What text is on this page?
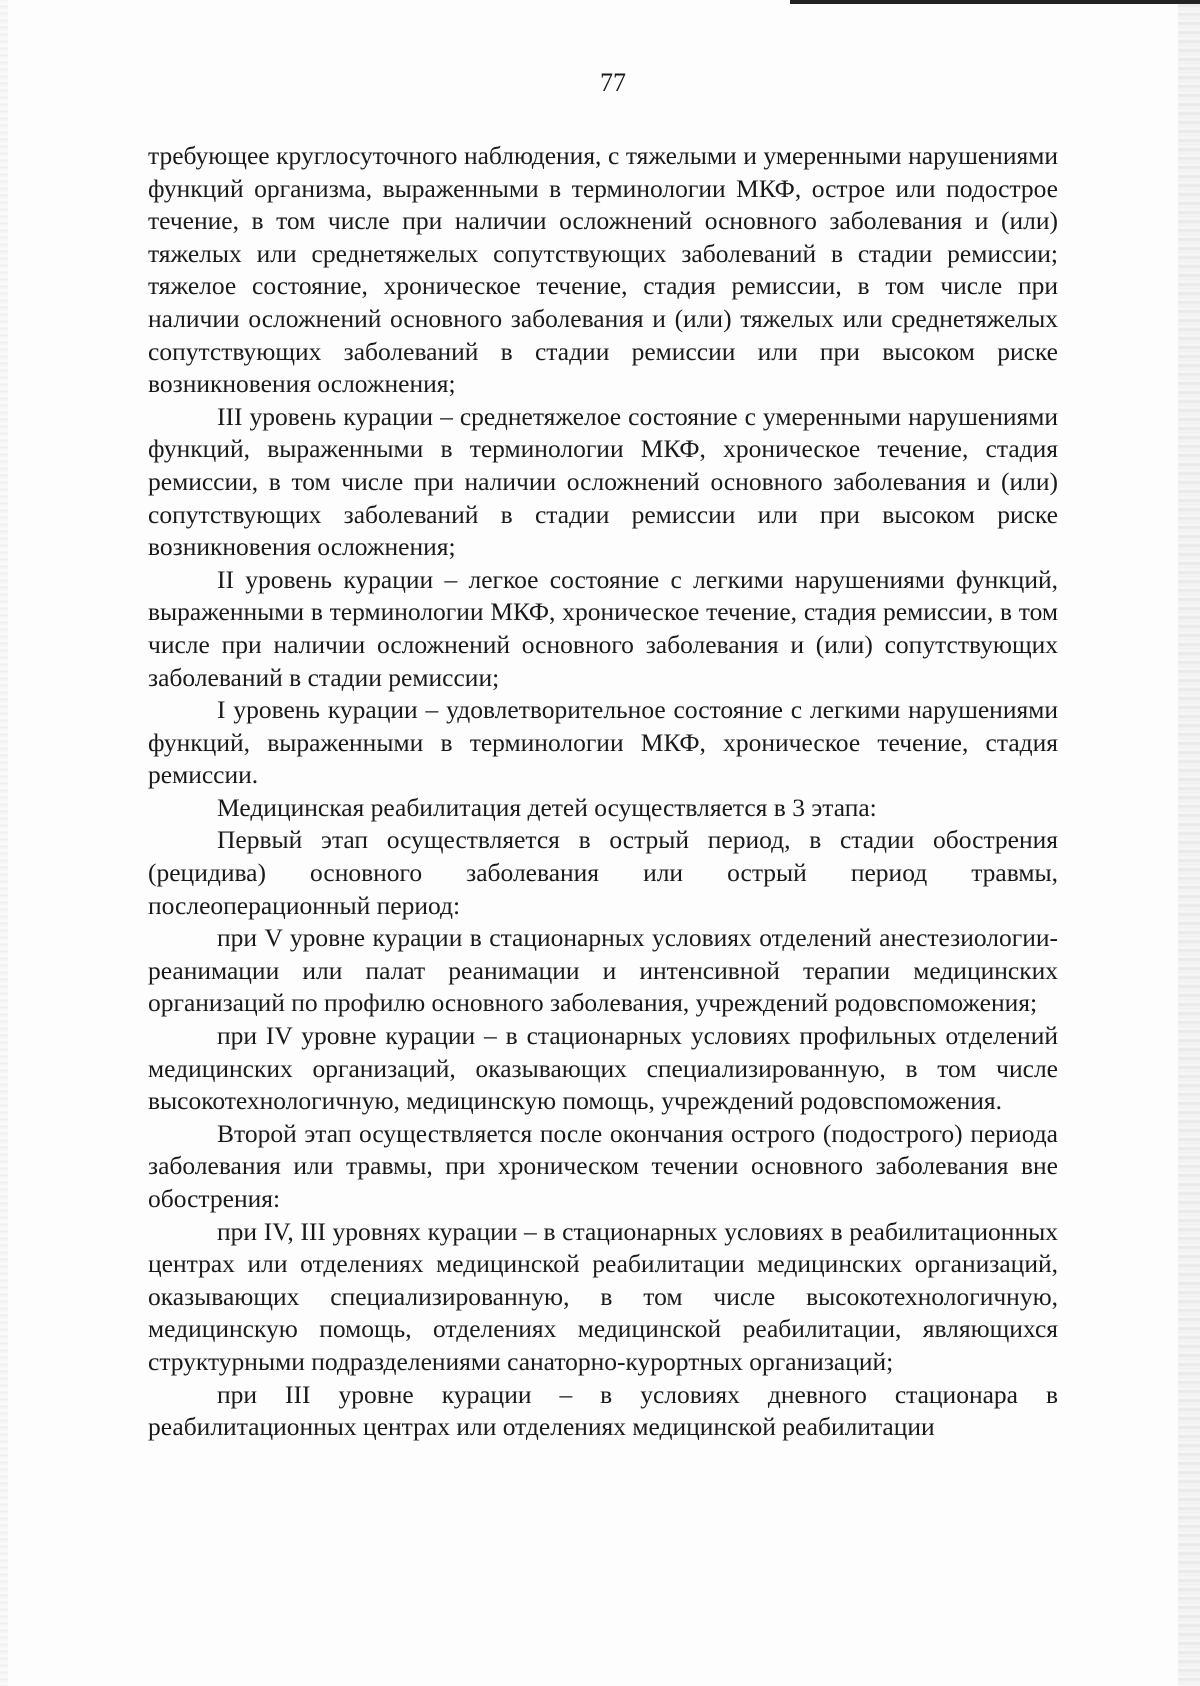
77

требующее круглосуточного наблюдения, с тяжелыми и умеренными нарушениями функций организма, выраженными в терминологии МКФ, острое или подострое течение, в том числе при наличии осложнений основного заболевания и (или) тяжелых или среднетяжелых сопутствующих заболеваний в стадии ремиссии; тяжелое состояние, хроническое течение, стадия ремиссии, в том числе при наличии осложнений основного заболевания и (или) тяжелых или среднетяжелых сопутствующих заболеваний в стадии ремиссии или при высоком риске возникновения осложнения;

III уровень курации – среднетяжелое состояние с умеренными нарушениями функций, выраженными в терминологии МКФ, хроническое течение, стадия ремиссии, в том числе при наличии осложнений основного заболевания и (или) сопутствующих заболеваний в стадии ремиссии или при высоком риске возникновения осложнения;

II уровень курации – легкое состояние с легкими нарушениями функций, выраженными в терминологии МКФ, хроническое течение, стадия ремиссии, в том числе при наличии осложнений основного заболевания и (или) сопутствующих заболеваний в стадии ремиссии;

I уровень курации – удовлетворительное состояние с легкими нарушениями функций, выраженными в терминологии МКФ, хроническое течение, стадия ремиссии.

Медицинская реабилитация детей осуществляется в 3 этапа:

Первый этап осуществляется в острый период, в стадии обострения (рецидива) основного заболевания или острый период травмы, послеоперационный период:

при V уровне курации в стационарных условиях отделений анестезиологии-реанимации или палат реанимации и интенсивной терапии медицинских организаций по профилю основного заболевания, учреждений родовспоможения;

при IV уровне курации – в стационарных условиях профильных отделений медицинских организаций, оказывающих специализированную, в том числе высокотехнологичную, медицинскую помощь, учреждений родовспоможения.

Второй этап осуществляется после окончания острого (подострого) периода заболевания или травмы, при хроническом течении основного заболевания вне обострения:

при IV, III уровнях курации – в стационарных условиях в реабилитационных центрах или отделениях медицинской реабилитации медицинских организаций, оказывающих специализированную, в том числе высокотехнологичную, медицинскую помощь, отделениях медицинской реабилитации, являющихся структурными подразделениями санаторно-курортных организаций;

при III уровне курации – в условиях дневного стационара в реабилитационных центрах или отделениях медицинской реабилитации
